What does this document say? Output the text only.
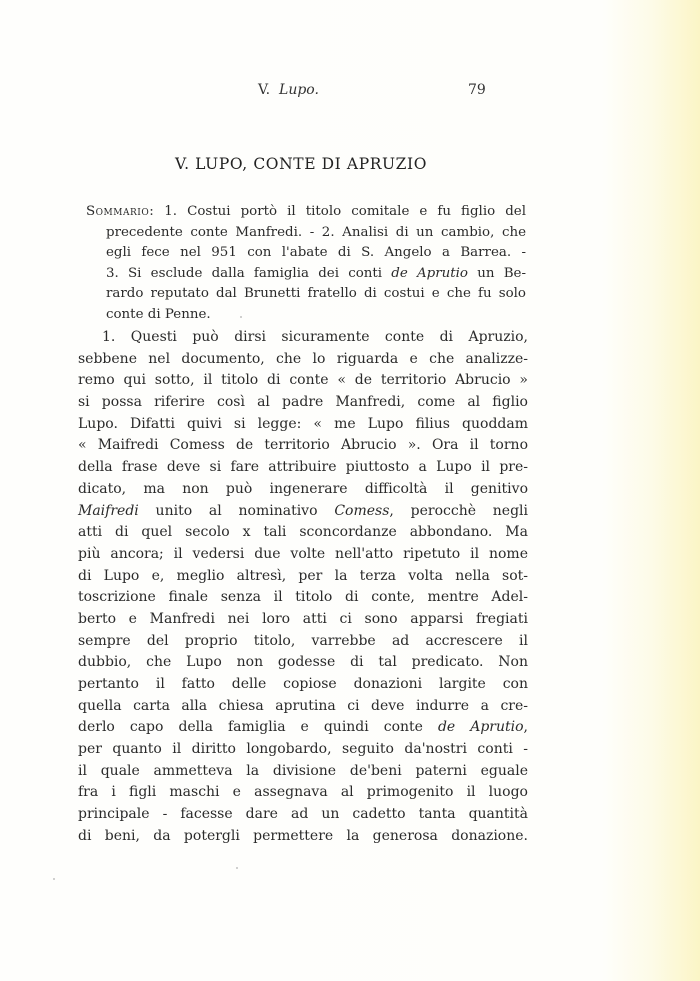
V. Lupo.	79
V. LUPO, CONTE DI APRUZIO
Sommario: 1. Costui portò il titolo comitale e fu figlio del
precedente conte Manfredi. - 2. Analisi di un cambio, che
egli fece nel 951 con l'abate di S. Angelo a Barrea. -
3. Si esclude dalla famiglia dei conti de Aprutio un Be-
rardo reputato dal Brunetti fratello di costui e che fu solo
conte di Penne.
1. Questi può dirsi sicuramente conte di Apruzio,
sebbene nel documento, che lo riguarda e che analizze-
remo qui sotto, il titolo di conte « de territorio Abrucio »
si possa riferire così al padre Manfredi, come al figlio
Lupo. Difatti quivi si legge: « me Lupo filius quoddam
« Maifredi Comess de territorio Abrucio ». Ora il torno
della frase deve si fare attribuire piuttosto a Lupo il pre-
dicato, ma non può ingenerare difficoltà il genitivo
Maifredi unito al nominativo Comess, perocchè negli
atti di quel secolo x tali sconcordanze abbondano. Ma
più ancora; il vedersi due volte nell'atto ripetuto il nome
di Lupo e, meglio altresì, per la terza volta nella sot-
toscrizione finale senza il titolo di conte, mentre Adel-
berto e Manfredi nei loro atti ci sono apparsi fregiati
sempre del proprio titolo, varrebbe ad accrescere il
dubbio, che Lupo non godesse di tal predicato. Non
pertanto il fatto delle copiose donazioni largite con
quella carta alla chiesa aprutina ci deve indurre a cre-
derlo capo della famiglia e quindi conte de Aprutio,
per quanto il diritto longobardo, seguito da'nostri conti -
il quale ammetteva la divisione de'beni paterni eguale
fra i figli maschi e assegnava al primogenito il luogo
principale - facesse dare ad un cadetto tanta quantità
di beni, da potergli permettere la generosa donazione.
